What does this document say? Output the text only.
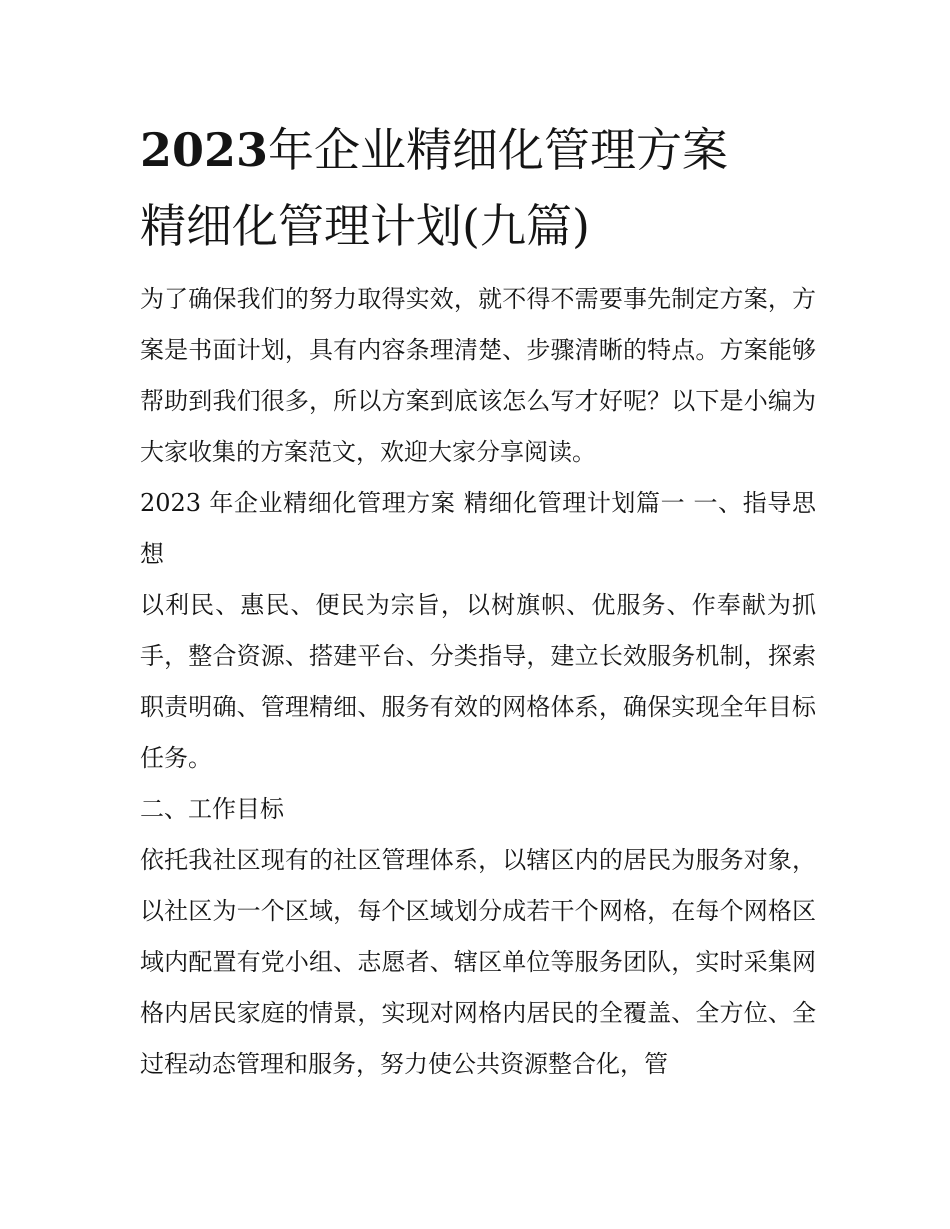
2023年企业精细化管理方案
精细化管理计划(九篇)

为了确保我们的努力取得实效，就不得不需要事先制定方案，方案是书面计划，具有内容条理清楚、步骤清晰的特点。方案能够帮助到我们很多，所以方案到底该怎么写才好呢？以下是小编为大家收集的方案范文，欢迎大家分享阅读。

2023 年企业精细化管理方案 精细化管理计划篇一 一、指导思想

以利民、惠民、便民为宗旨，以树旗帜、优服务、作奉献为抓手，整合资源、搭建平台、分类指导，建立长效服务机制，探索职责明确、管理精细、服务有效的网格体系，确保实现全年目标任务。

二、工作目标

依托我社区现有的社区管理体系，以辖区内的居民为服务对象，以社区为一个区域，每个区域划分成若干个网格，在每个网格区域内配置有党小组、志愿者、辖区单位等服务团队，实时采集网格内居民家庭的情景，实现对网格内居民的全覆盖、全方位、全过程动态管理和服务，努力使公共资源整合化，管
